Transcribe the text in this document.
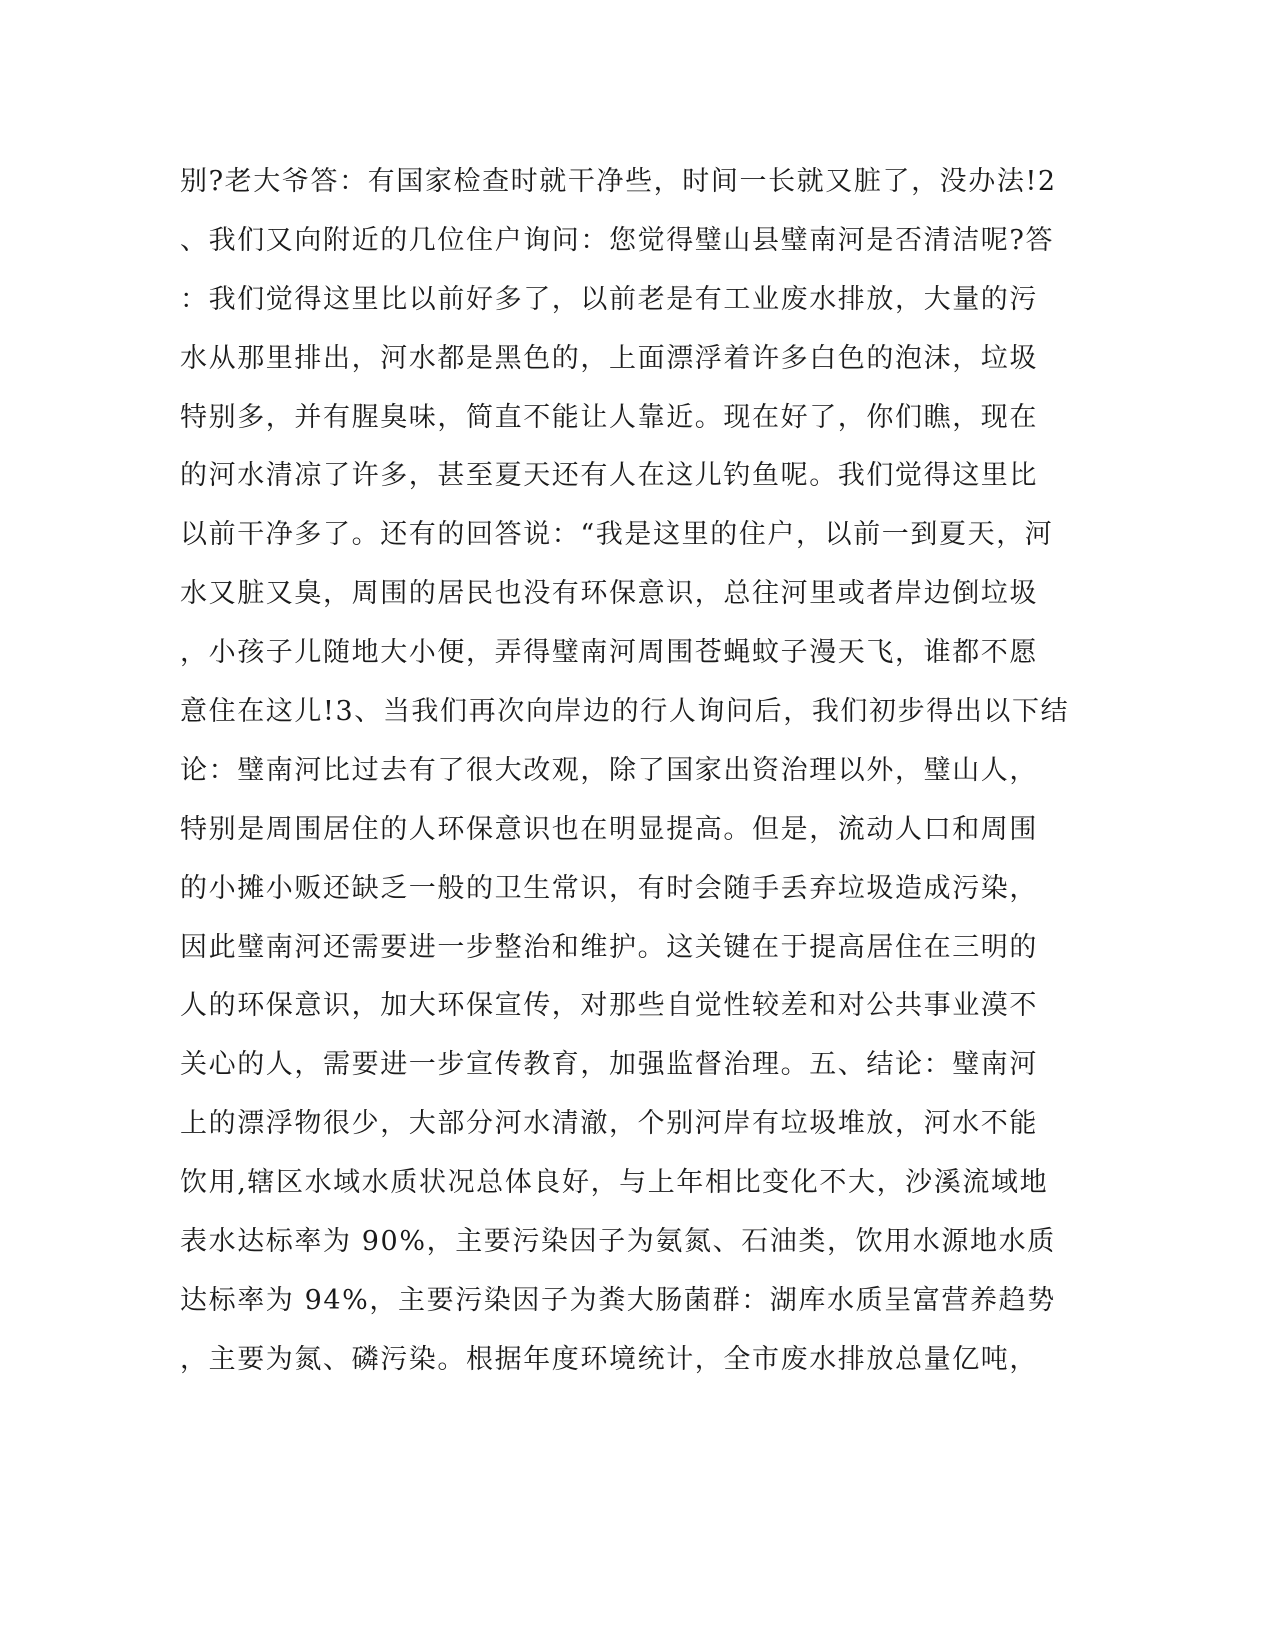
别?老大爷答：有国家检查时就干净些，时间一长就又脏了，没办法!2
、我们又向附近的几位住户询问：您觉得璧山县璧南河是否清洁呢?答
：我们觉得这里比以前好多了，以前老是有工业废水排放，大量的污
水从那里排出，河水都是黑色的，上面漂浮着许多白色的泡沫，垃圾
特别多，并有腥臭味，简直不能让人靠近。现在好了，你们瞧，现在
的河水清凉了许多，甚至夏天还有人在这儿钓鱼呢。我们觉得这里比
以前干净多了。还有的回答说：“我是这里的住户，以前一到夏天，河
水又脏又臭，周围的居民也没有环保意识，总往河里或者岸边倒垃圾
，小孩子儿随地大小便，弄得璧南河周围苍蝇蚊子漫天飞，谁都不愿
意住在这儿!3、当我们再次向岸边的行人询问后，我们初步得出以下结
论：璧南河比过去有了很大改观，除了国家出资治理以外，璧山人，
特别是周围居住的人环保意识也在明显提高。但是，流动人口和周围
的小摊小贩还缺乏一般的卫生常识，有时会随手丢弃垃圾造成污染，
因此璧南河还需要进一步整治和维护。这关键在于提高居住在三明的
人的环保意识，加大环保宣传，对那些自觉性较差和对公共事业漠不
关心的人，需要进一步宣传教育，加强监督治理。五、结论：璧南河
上的漂浮物很少，大部分河水清澈，个别河岸有垃圾堆放，河水不能
饮用,辖区水域水质状况总体良好，与上年相比变化不大，沙溪流域地
表水达标率为 90%，主要污染因子为氨氮、石油类，饮用水源地水质
达标率为 94%，主要污染因子为粪大肠菌群：湖库水质呈富营养趋势
，主要为氮、磷污染。根据年度环境统计，全市废水排放总量亿吨，
